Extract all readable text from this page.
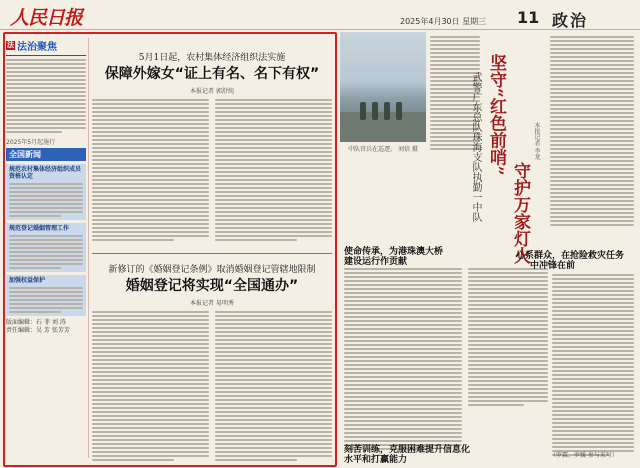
人民日报	2025年4月30日 星期三 11 政治
法 法治聚焦
2025年5月起施行
全国新闻
规范农村集体经济组织成员资格认定
规范登记婚姻管理工作
加强权益保护
版面编辑：石 菲 刘 涛
责任编辑：吴 芳 张芳芳
5月1日起，农村集体经济组织法实施
保障外嫁女“证上有名、名下有权”
本报记者 郭舒纯
新修订的《婚姻登记条例》取消婚姻登记管辖地限制
婚姻登记将实现“全国通办”
本报记者 易明秀
中队官兵在巡逻。 刘信 摄	坚守“红色前哨”
武警广东总队珠海支队执勤一中队 守护万家灯火
本报记者 李龙
使命传承，为港珠澳大桥
建设运行作贡献
刻苦训练，克服困难提升信息化
水平和打赢能力
心系群众，在抢险救灾任务
中冲锋在前
（罗霖、罗媛 参与采写）
